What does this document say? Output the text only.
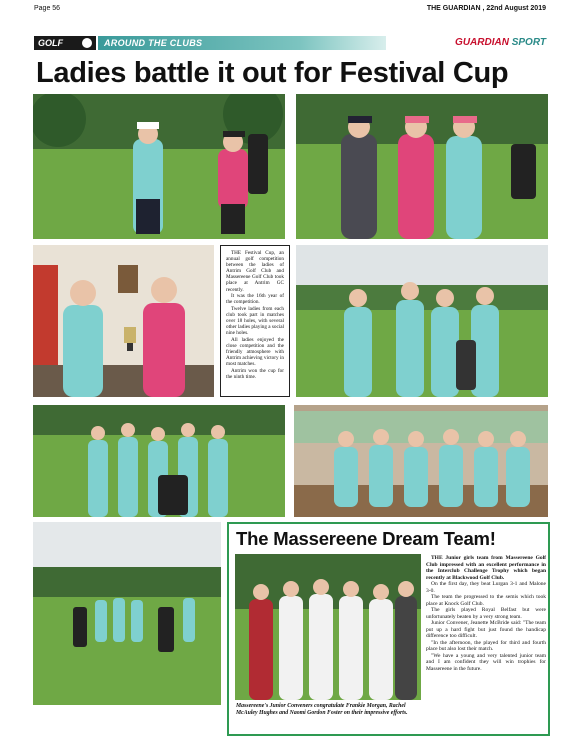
Page 56	THE GUARDIAN , 22nd August 2019
GOLF	AROUND THE CLUBS	GUARDIAN SPORT
Ladies battle it out for Festival Cup

THE Festival Cup, an annual golf competition between the ladies of Antrim Golf Club and Massereene Golf Club took place at Antrim GC recently.

It was the 16th year of the competition.

Twelve ladies from each club took part in matches over 18 holes, with several other ladies playing a social nine holes.

All ladies enjoyed the close competition and the friendly atmosphere with Antrim achieving victory in most matches.

Antrim won the cup for the ninth time.

The Massereene Dream Team!
Massereene's Junior Conveners congratulate Frankie Morgan, Rachel McAuley Hughes and Naomi Gordon Foster on their impressive efforts.

THE Junior girls team from Massereene Golf Club impressed with an excellent performance in the Interclub Challenge Trophy which began recently at Blackwood Golf Club.

On the first day, they beat Lurgan 3-1 and Malone 3-0.

The team the progressed to the semis which took place at Knock Golf Club.

The girls played Royal Belfast but were unfortunately beaten by a very strong team.

Junior Convener, Jeanette McBride said: "The team put up a hard fight but just found the handicap difference too difficult.

"In the afternoon, the played for third and fourth place but also lost their match.

"We have a young and very talented junior team and I am confident they will win trophies for Massereene in the future.
